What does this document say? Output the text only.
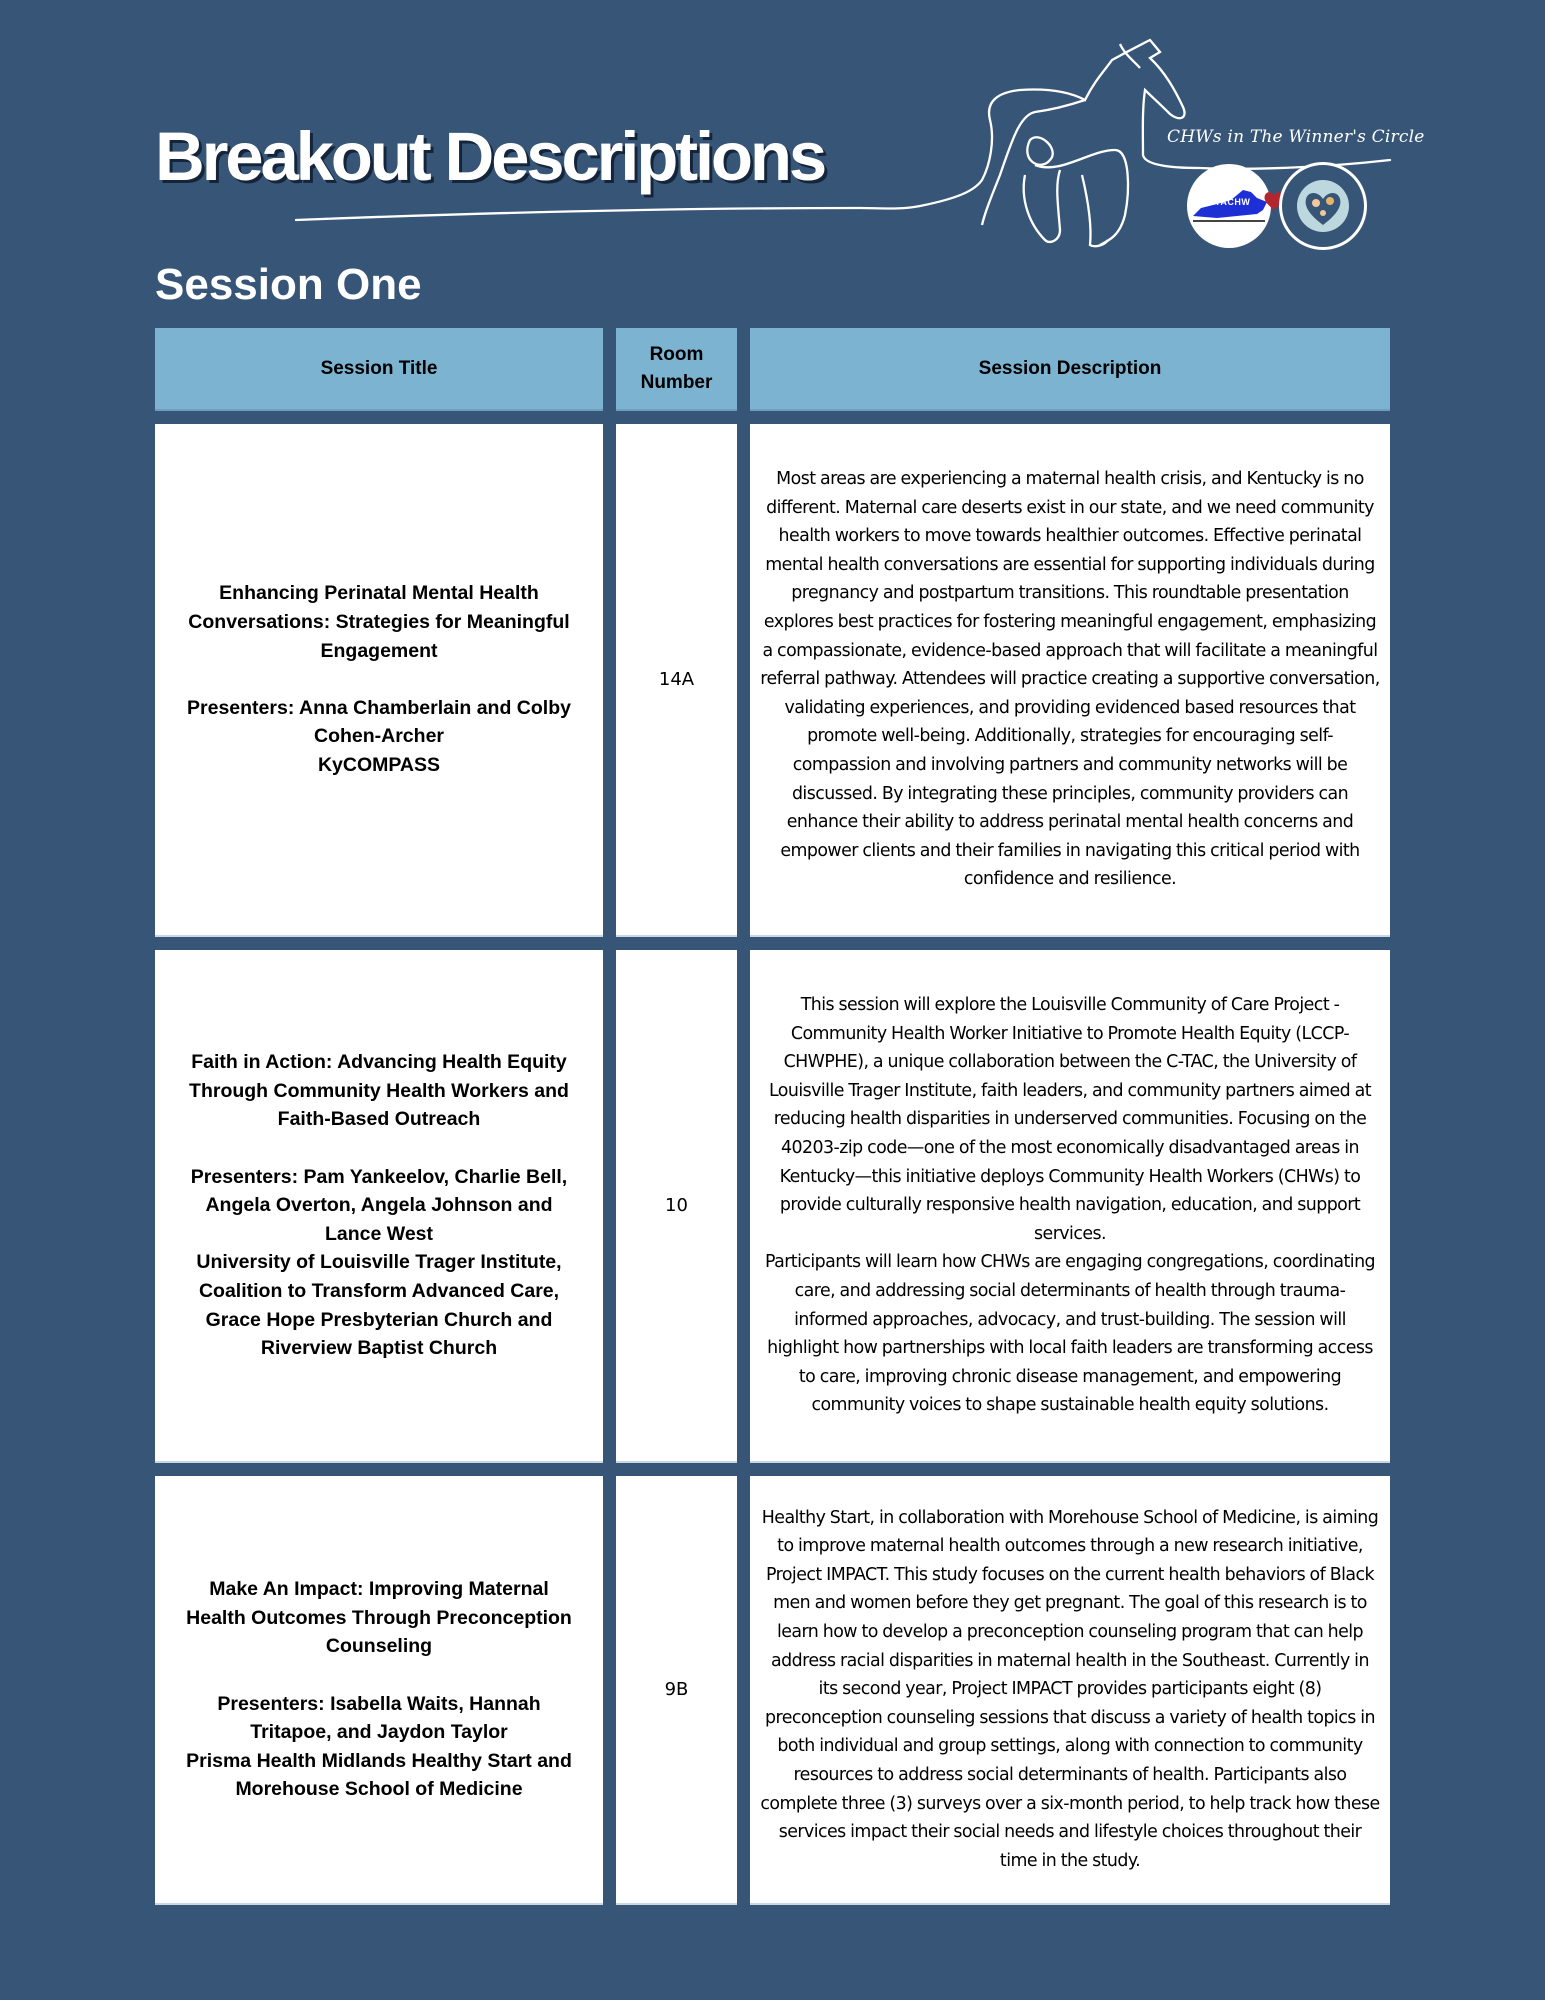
CHWs in The Winner's Circle
KYACHW
Breakout Descriptions
Session One
Session Title
Room Number
Session Description

Enhancing Perinatal Mental Health Conversations: Strategies for Meaningful Engagement

Presenters: Anna Chamberlain and Colby Cohen-Archer

KyCOMPASS

14A

Most areas are experiencing a maternal health crisis, and Kentucky is no different. Maternal care deserts exist in our state, and we need community health workers to move towards healthier outcomes. Effective perinatal mental health conversations are essential for supporting individuals during pregnancy and postpartum transitions. This roundtable presentation explores best practices for fostering meaningful engagement, emphasizing a compassionate, evidence-based approach that will facilitate a meaningful referral pathway. Attendees will practice creating a supportive conversation, validating experiences, and providing evidenced based resources that promote well-being. Additionally, strategies for encouraging self-compassion and involving partners and community networks will be discussed. By integrating these principles, community providers can enhance their ability to address perinatal mental health concerns and empower clients and their families in navigating this critical period with confidence and resilience.

Faith in Action: Advancing Health Equity Through Community Health Workers and Faith-Based Outreach

Presenters: Pam Yankeelov, Charlie Bell, Angela Overton, Angela Johnson and Lance West

University of Louisville Trager Institute, Coalition to Transform Advanced Care, Grace Hope Presbyterian Church and Riverview Baptist Church

10

This session will explore the Louisville Community of Care Project - Community Health Worker Initiative to Promote Health Equity (LCCP-CHWPHE), a unique collaboration between the C-TAC, the University of Louisville Trager Institute, faith leaders, and community partners aimed at reducing health disparities in underserved communities. Focusing on the 40203-zip code—one of the most economically disadvantaged areas in Kentucky—this initiative deploys Community Health Workers (CHWs) to provide culturally responsive health navigation, education, and support services.

Participants will learn how CHWs are engaging congregations, coordinating care, and addressing social determinants of health through trauma-informed approaches, advocacy, and trust-building. The session will highlight how partnerships with local faith leaders are transforming access to care, improving chronic disease management, and empowering community voices to shape sustainable health equity solutions.

Make An Impact: Improving Maternal Health Outcomes Through Preconception Counseling

Presenters: Isabella Waits, Hannah Tritapoe, and Jaydon Taylor

Prisma Health Midlands Healthy Start and Morehouse School of Medicine

9B

Healthy Start, in collaboration with Morehouse School of Medicine, is aiming to improve maternal health outcomes through a new research initiative, Project IMPACT. This study focuses on the current health behaviors of Black men and women before they get pregnant. The goal of this research is to learn how to develop a preconception counseling program that can help address racial disparities in maternal health in the Southeast. Currently in its second year, Project IMPACT provides participants eight (8) preconception counseling sessions that discuss a variety of health topics in both individual and group settings, along with connection to community resources to address social determinants of health. Participants also complete three (3) surveys over a six-month period, to help track how these services impact their social needs and lifestyle choices throughout their time in the study.
